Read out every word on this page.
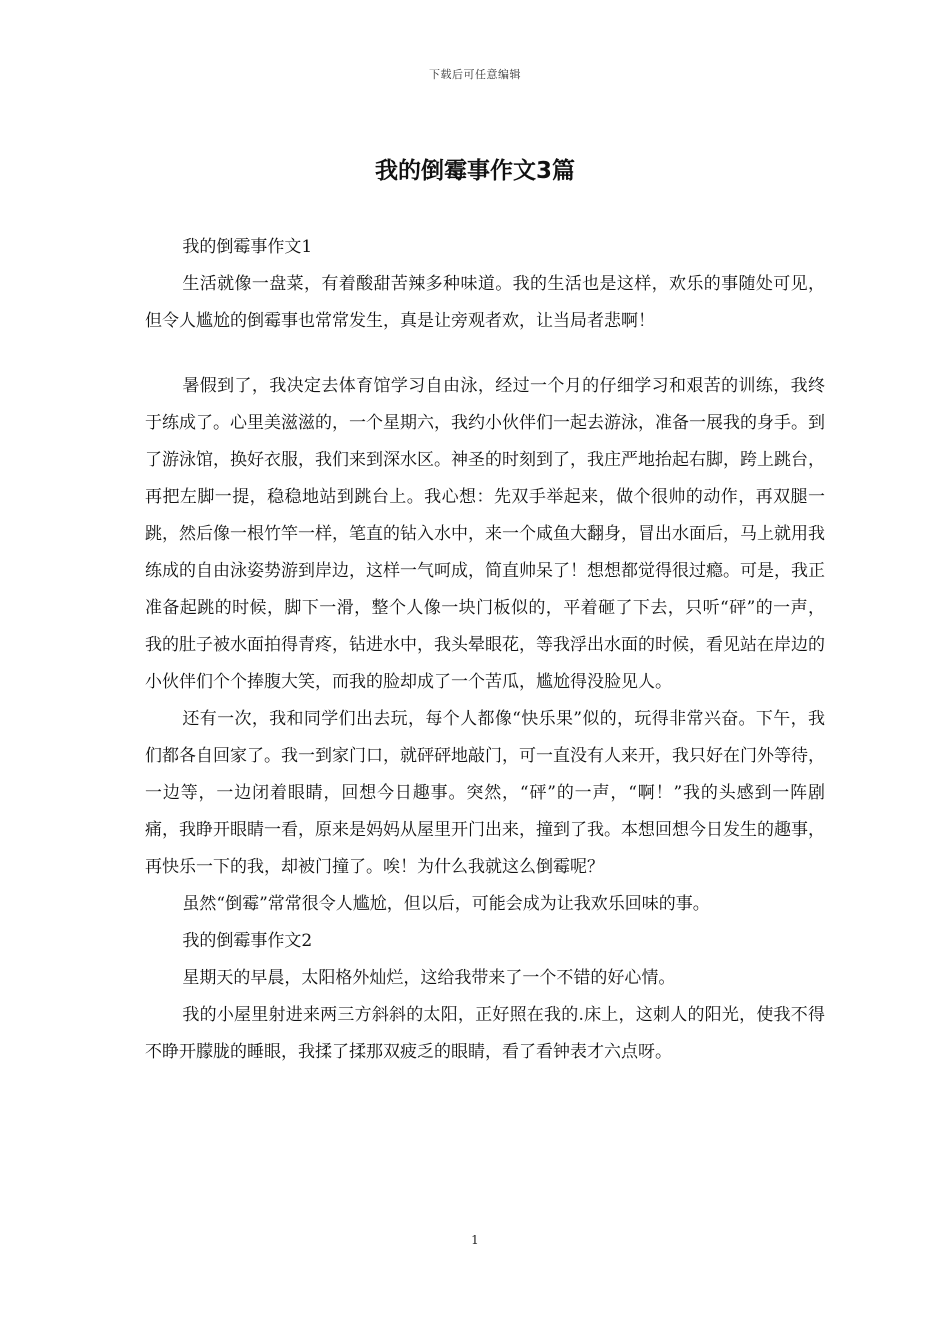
下载后可任意编辑
我的倒霉事作文3篇

我的倒霉事作文1

生活就像一盘菜，有着酸甜苦辣多种味道。我的生活也是这样，欢乐的事随处可见，但令人尴尬的倒霉事也常常发生，真是让旁观者欢，让当局者悲啊！

暑假到了，我决定去体育馆学习自由泳，经过一个月的仔细学习和艰苦的训练，我终于练成了。心里美滋滋的，一个星期六，我约小伙伴们一起去游泳，准备一展我的身手。到了游泳馆，换好衣服，我们来到深水区。神圣的时刻到了，我庄严地抬起右脚，跨上跳台，再把左脚一提，稳稳地站到跳台上。我心想：先双手举起来，做个很帅的动作，再双腿一跳，然后像一根竹竿一样，笔直的钻入水中，来一个咸鱼大翻身，冒出水面后，马上就用我练成的自由泳姿势游到岸边，这样一气呵成，简直帅呆了！想想都觉得很过瘾。可是，我正准备起跳的时候，脚下一滑，整个人像一块门板似的，平着砸了下去，只听“砰”的一声，我的肚子被水面拍得青疼，钻进水中，我头晕眼花，等我浮出水面的时候，看见站在岸边的小伙伴们个个捧腹大笑，而我的脸却成了一个苦瓜，尴尬得没脸见人。

还有一次，我和同学们出去玩，每个人都像“快乐果”似的，玩得非常兴奋。下午，我们都各自回家了。我一到家门口，就砰砰地敲门，可一直没有人来开，我只好在门外等待，一边等，一边闭着眼睛，回想今日趣事。突然，“砰”的一声，“啊！”我的头感到一阵剧痛，我睁开眼睛一看，原来是妈妈从屋里开门出来，撞到了我。本想回想今日发生的趣事，再快乐一下的我，却被门撞了。唉！为什么我就这么倒霉呢？

虽然“倒霉”常常很令人尴尬，但以后，可能会成为让我欢乐回味的事。

我的倒霉事作文2

星期天的早晨，太阳格外灿烂，这给我带来了一个不错的好心情。

我的小屋里射进来两三方斜斜的太阳，正好照在我的.床上，这刺人的阳光，使我不得不睁开朦胧的睡眼，我揉了揉那双疲乏的眼睛，看了看钟表才六点呀。

1
